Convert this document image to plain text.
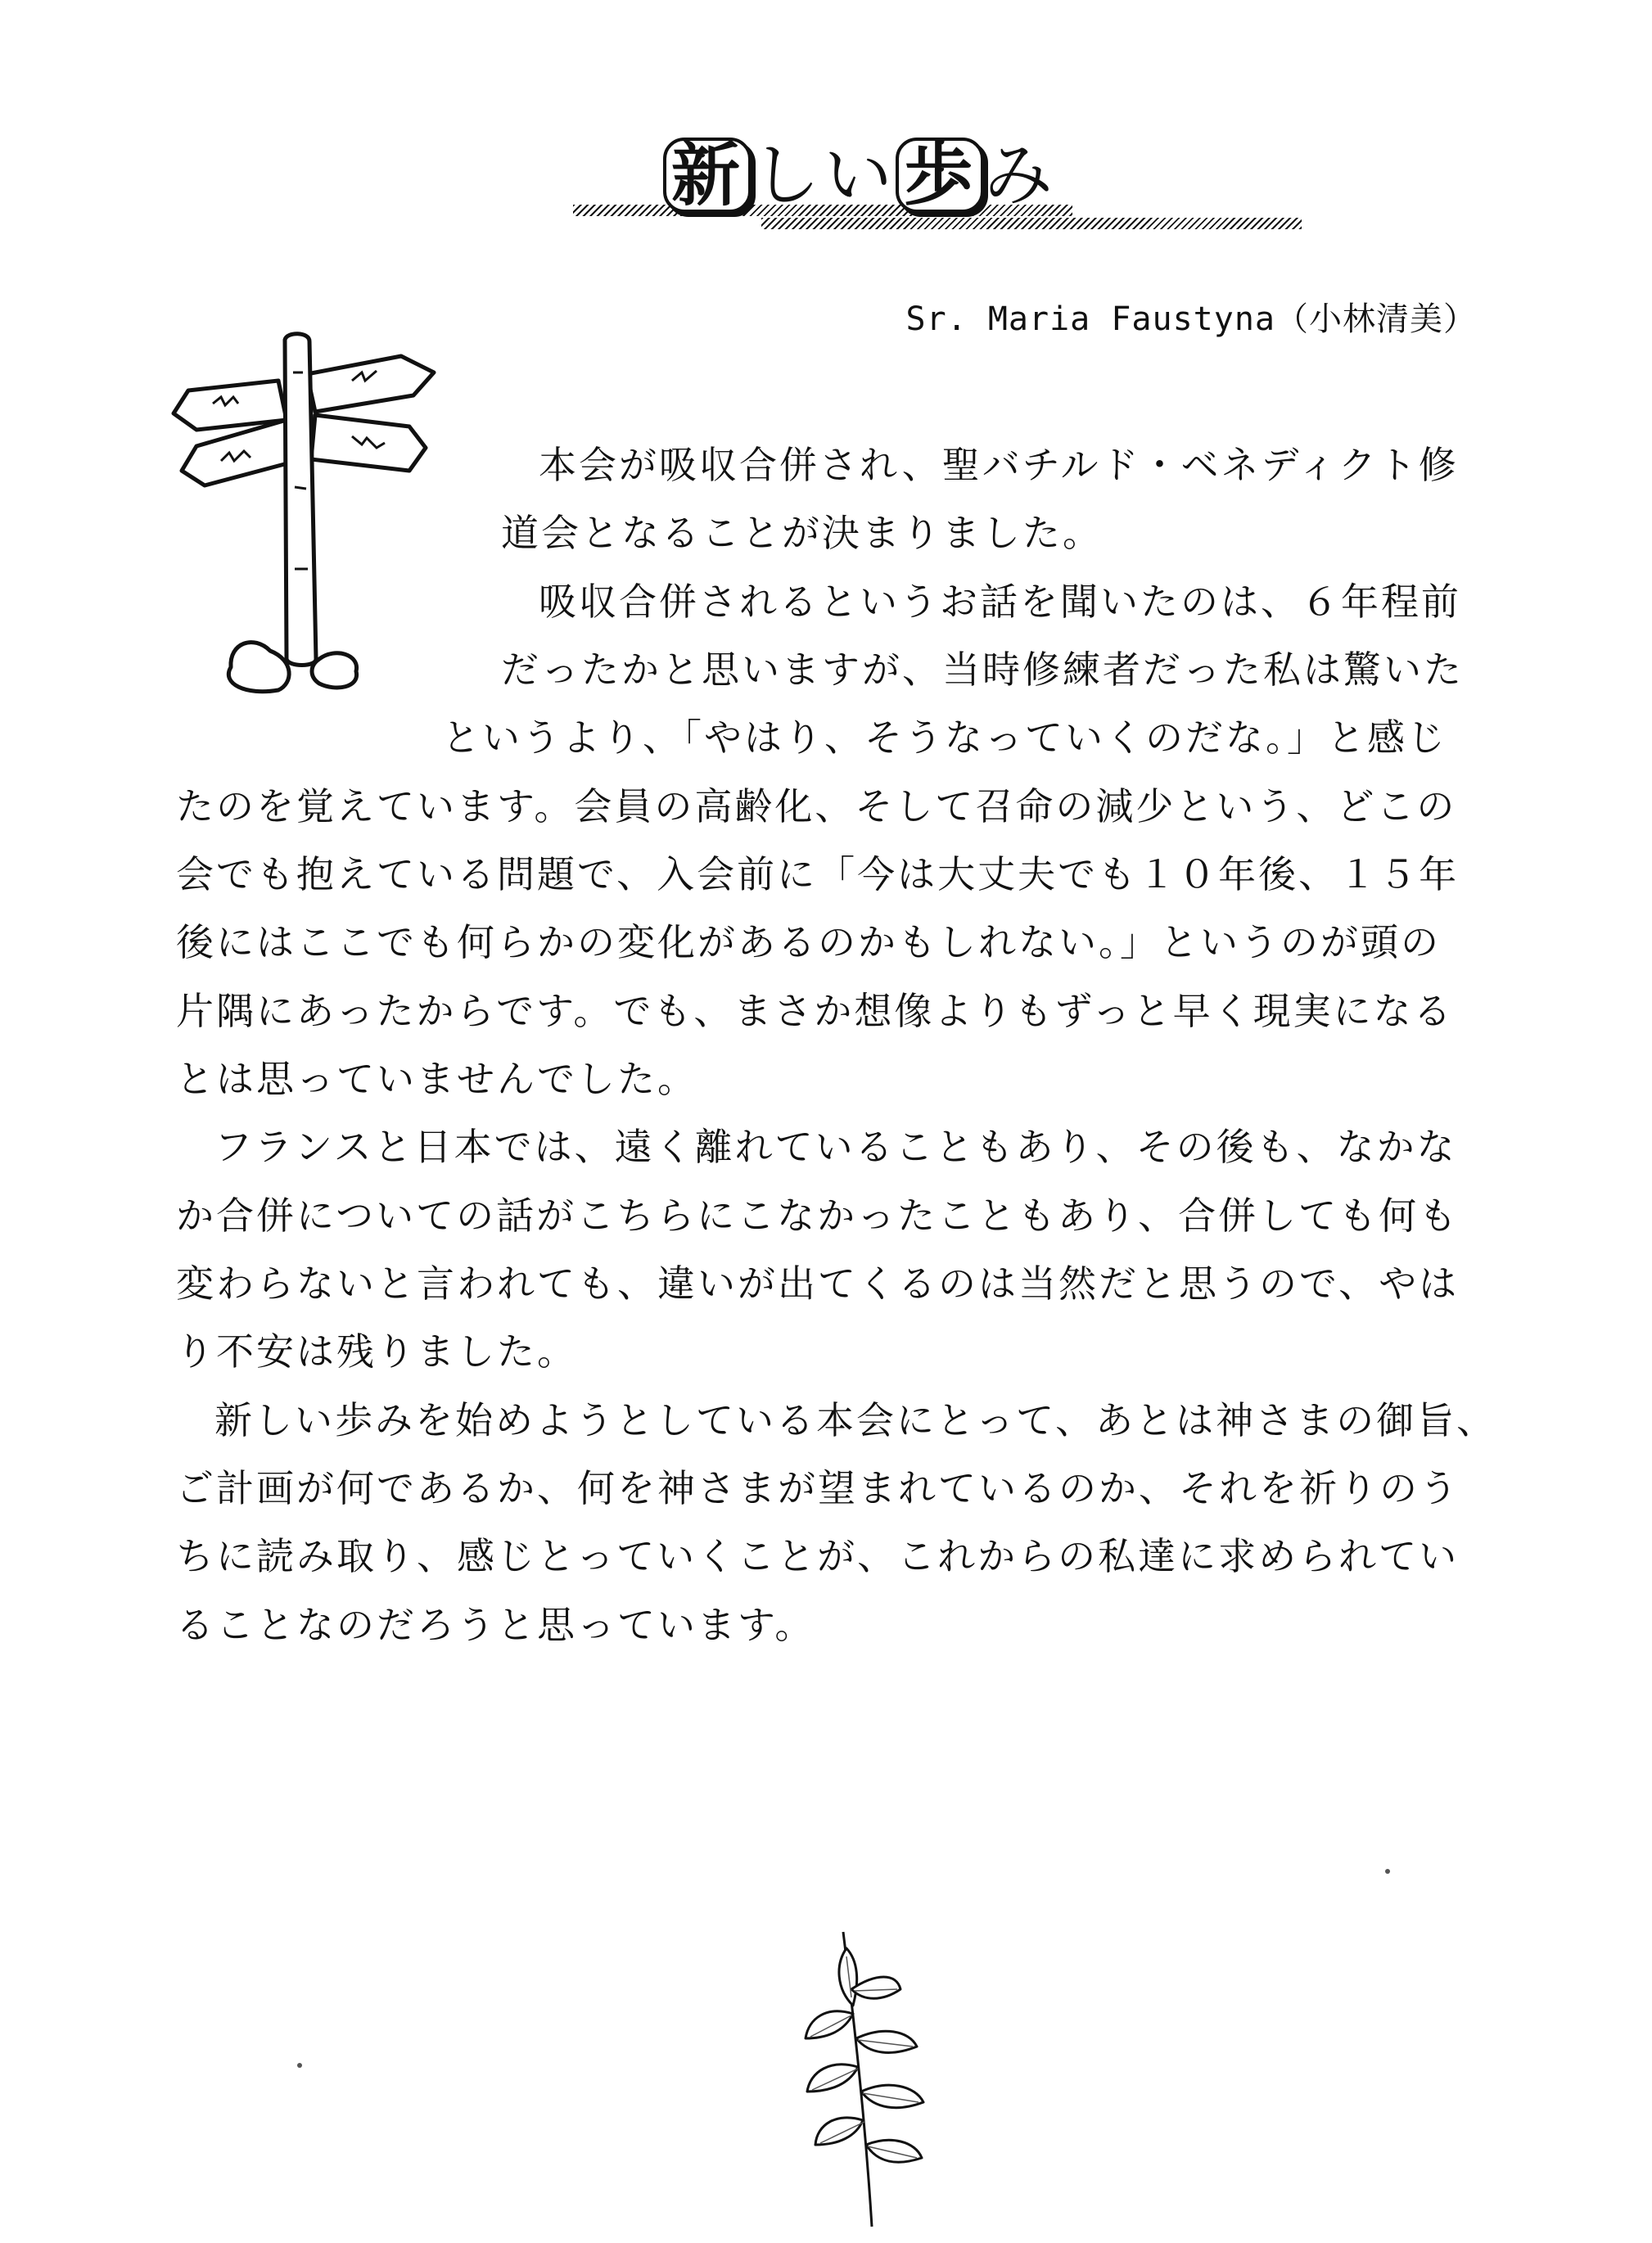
新 しい 歩 み
Sr. Maria Faustyna（小林清美）
本会が吸収合併され、聖バチルド・ベネディクト修
道会となることが決まりました。
吸収合併されるというお話を聞いたのは、６年程前
だったかと思いますが、当時修練者だった私は驚いた
というより、「やはり、そうなっていくのだな。」と感じ
たのを覚えています。会員の高齢化、そして召命の減少という、どこの
会でも抱えている問題で、入会前に「今は大丈夫でも１０年後、１５年
後にはここでも何らかの変化があるのかもしれない。」というのが頭の
片隅にあったからです。でも、まさか想像よりもずっと早く現実になる
とは思っていませんでした。
フランスと日本では、遠く離れていることもあり、その後も、なかな
か合併についての話がこちらにこなかったこともあり、合併しても何も
変わらないと言われても、違いが出てくるのは当然だと思うので、やは
り不安は残りました。
新しい歩みを始めようとしている本会にとって、あとは神さまの御旨、
ご計画が何であるか、何を神さまが望まれているのか、それを祈りのう
ちに読み取り、感じとっていくことが、これからの私達に求められてい
ることなのだろうと思っています。
